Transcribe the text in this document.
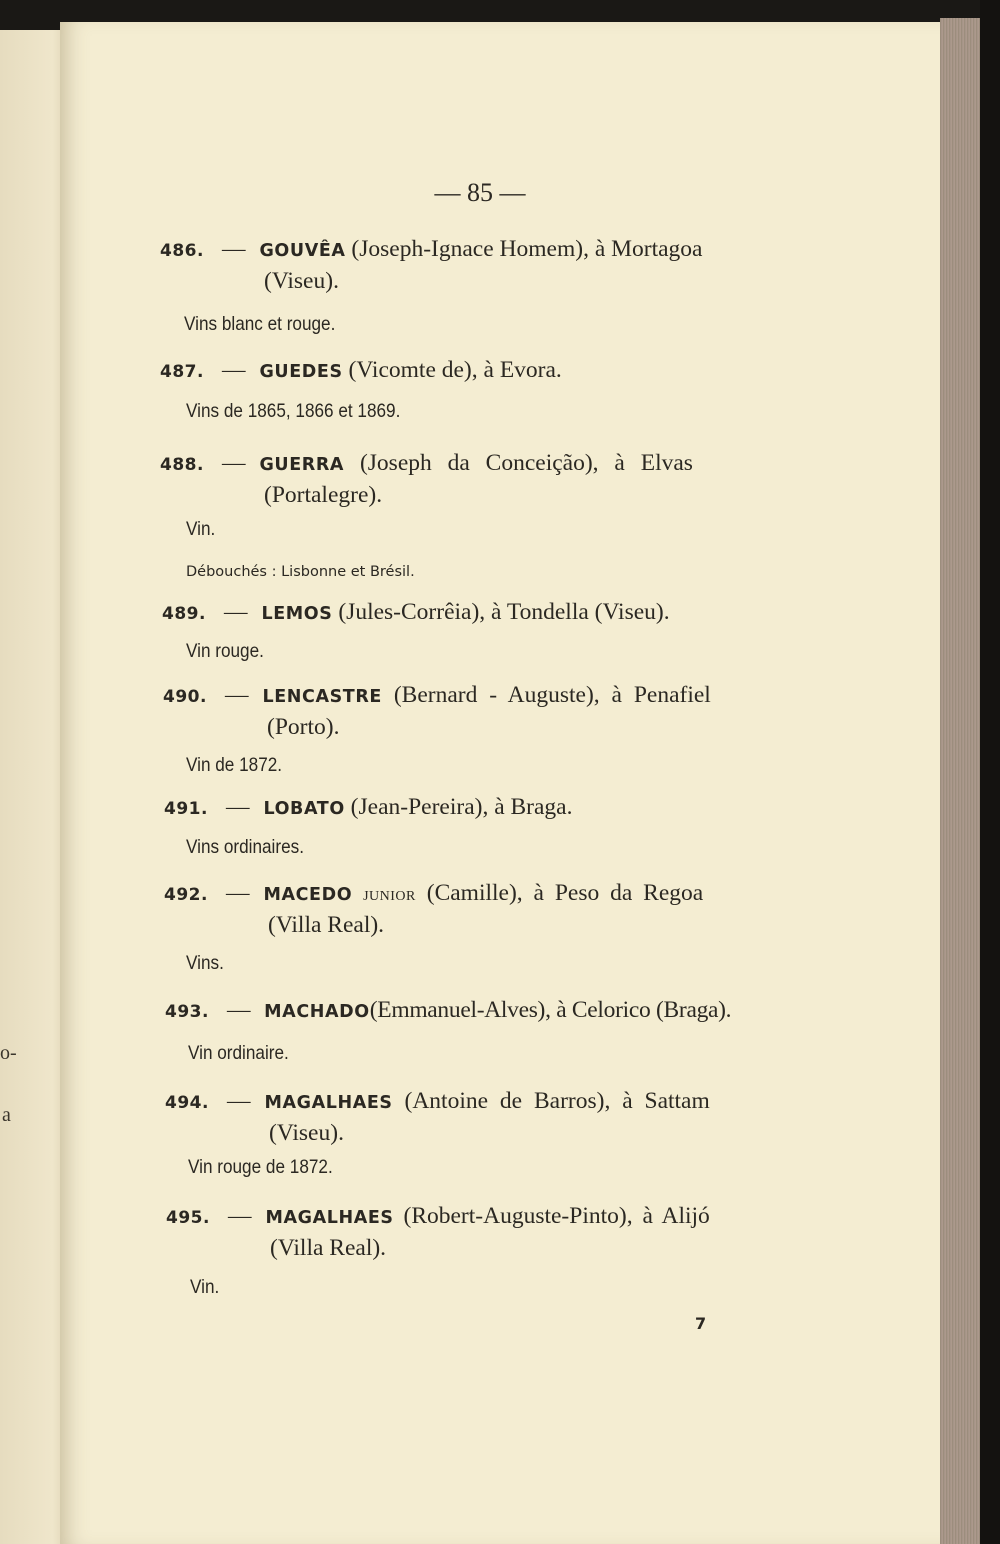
o-
a
— 85 —
486. — GOUVÊA (Joseph-Ignace Homem), à Mortagoa
(Viseu).
Vins blanc et rouge.
487. — GUEDES (Vicomte de), à Evora.
Vins de 1865, 1866 et 1869.
488. — GUERRA (Joseph da Conceição), à Elvas
(Portalegre).
Vin.
Débouchés : Lisbonne et Brésil.
489. — LEMOS (Jules-Corrêia), à Tondella (Viseu).
Vin rouge.
490. — LENCASTRE (Bernard - Auguste), à Penafiel
(Porto).
Vin de 1872.
491. — LOBATO (Jean-Pereira), à Braga.
Vins ordinaires.
492. — MACEDO junior (Camille), à Peso da Regoa
(Villa Real).
Vins.
493. — MACHADO(Emmanuel-Alves), à Celorico (Braga).
Vin ordinaire.
494. — MAGALHAES (Antoine de Barros), à Sattam
(Viseu).
Vin rouge de 1872.
495. — MAGALHAES (Robert-Auguste-Pinto), à Alijó
(Villa Real).
Vin.
7
